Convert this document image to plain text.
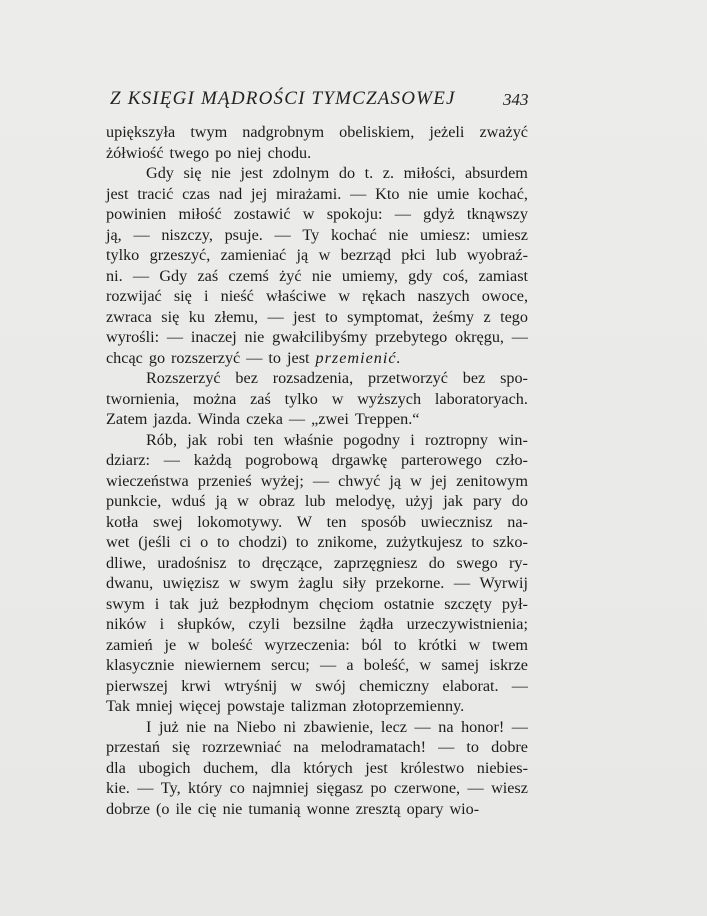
Z KSIĘGI MĄDROŚCI TYMCZASOWEJ	343
upiększyła twym nadgrobnym obeliskiem, jeżeli zważyć
żółwiość twego po niej chodu.
Gdy się nie jest zdolnym do t. z. miłości, absurdem
jest tracić czas nad jej mirażami. — Kto nie umie kochać,
powinien miłość zostawić w spokoju: — gdyż tknąwszy
ją, — niszczy, psuje. — Ty kochać nie umiesz: umiesz
tylko grzeszyć, zamieniać ją w bezrząd płci lub wyobraź-
ni. — Gdy zaś czemś żyć nie umiemy, gdy coś, zamiast
rozwijać się i nieść właściwe w rękach naszych owoce,
zwraca się ku złemu, — jest to symptomat, żeśmy z tego
wyrośli: — inaczej nie gwałcilibyśmy przebytego okręgu, —
chcąc go rozszerzyć — to jest przemienić.
Rozszerzyć bez rozsadzenia, przetworzyć bez spo-
twornienia, można zaś tylko w wyższych laboratoryach.
Zatem jazda. Winda czeka — „zwei Treppen.“
Rób, jak robi ten właśnie pogodny i roztropny win-
dziarz: — każdą pogrobową drgawkę parterowego czło-
wieczeństwa przenieś wyżej; — chwyć ją w jej zenitowym
punkcie, wduś ją w obraz lub melodyę, użyj jak pary do
kotła swej lokomotywy. W ten sposób uwiecznisz na-
wet (jeśli ci o to chodzi) to znikome, zużytkujesz to szko-
dliwe, uradośnisz to dręczące, zaprzęgniesz do swego ry-
dwanu, uwięzisz w swym żaglu siły przekorne. — Wyrwij
swym i tak już bezpłodnym chęciom ostatnie szczęty pył-
ników i słupków, czyli bezsilne żądła urzeczywistnienia;
zamień je w boleść wyrzeczenia: ból to krótki w twem
klasycznie niewiernem sercu; — a boleść, w samej iskrze
pierwszej krwi wtryśnij w swój chemiczny elaborat. —
Tak mniej więcej powstaje talizman złotoprzemienny.
I już nie na Niebo ni zbawienie, lecz — na honor! —
przestań się rozrzewniać na melodramatach! — to dobre
dla ubogich duchem, dla których jest królestwo niebies-
kie. — Ty, który co najmniej sięgasz po czerwone, — wiesz
dobrze (o ile cię nie tumanią wonne zresztą opary wio-
